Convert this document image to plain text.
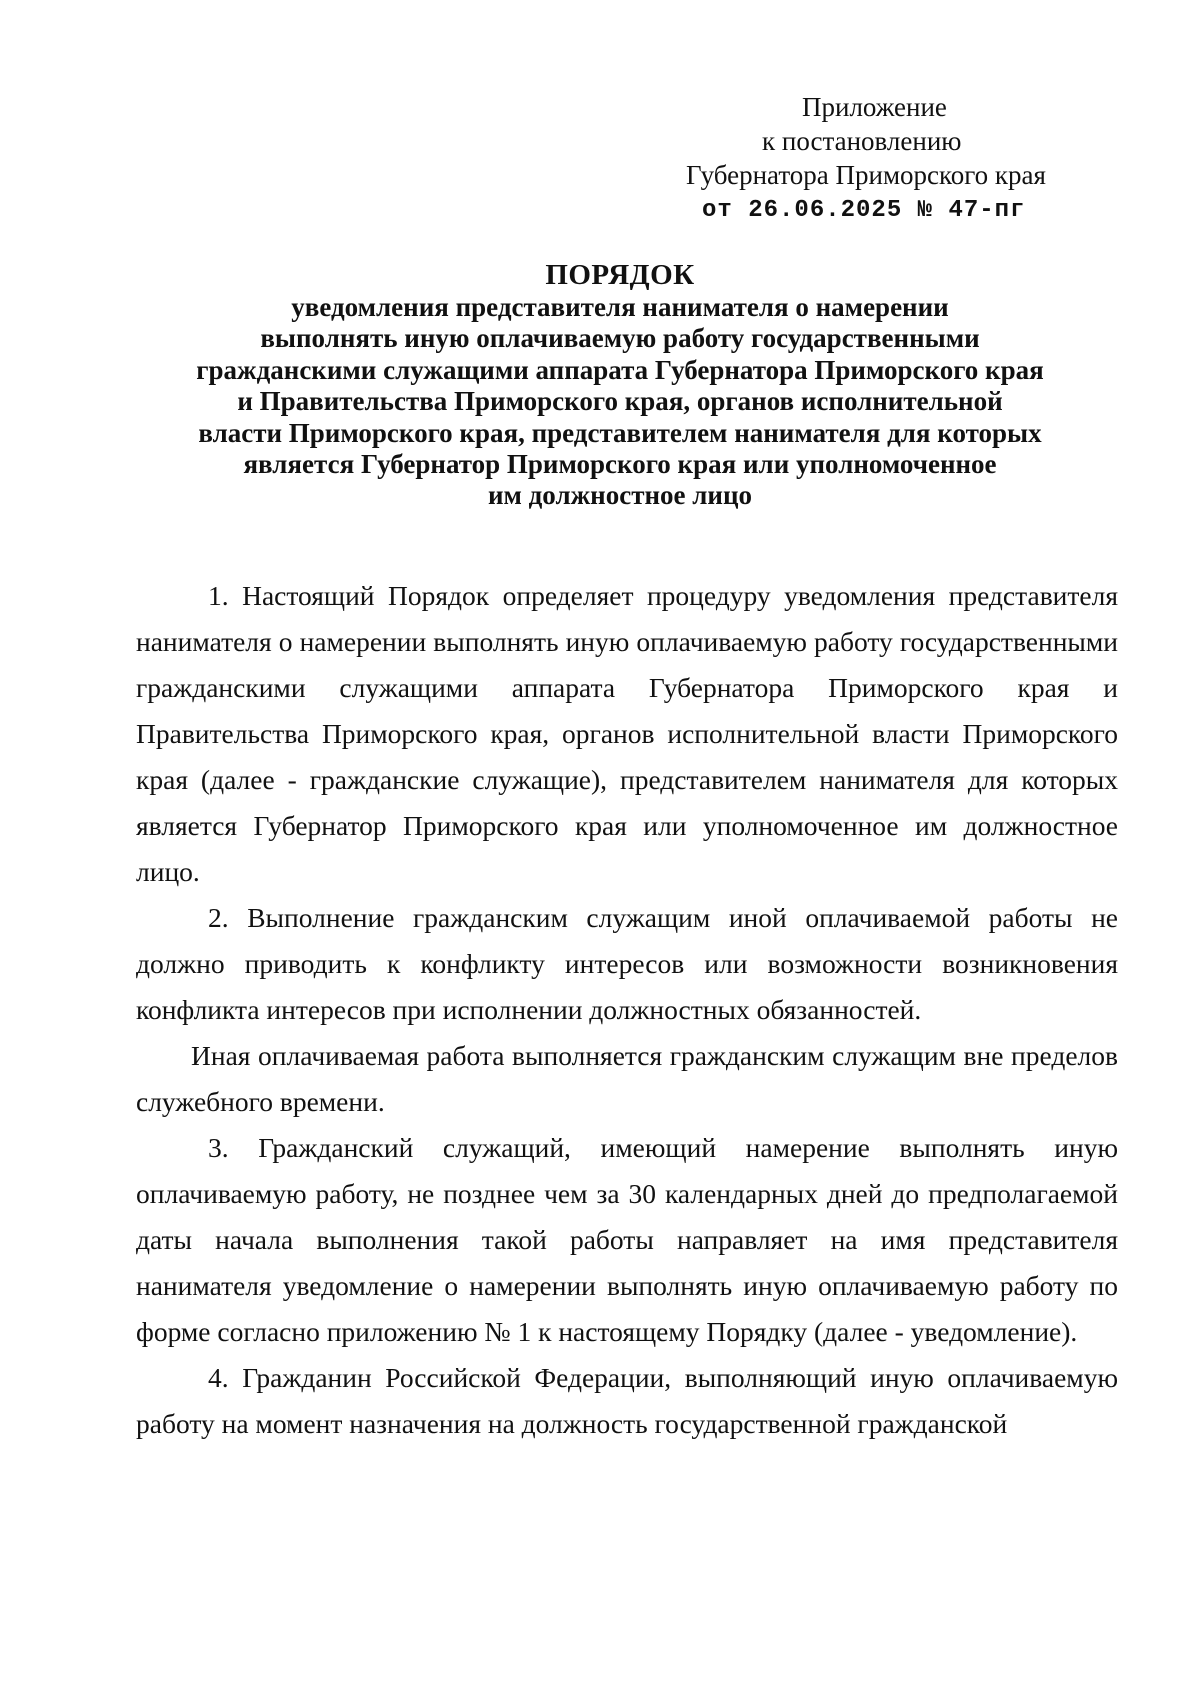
Приложение
к постановлению
Губернатора Приморского края
от 26.06.2025 № 47-пг
ПОРЯДОК
уведомления представителя нанимателя о намерении
выполнять иную оплачиваемую работу государственными
гражданскими служащими аппарата Губернатора Приморского края
и Правительства Приморского края, органов исполнительной
власти Приморского края, представителем нанимателя для которых
является Губернатор Приморского края или уполномоченное
им должностное лицо

1. Настоящий Порядок определяет процедуру уведомления представителя нанимателя о намерении выполнять иную оплачиваемую работу государственными гражданскими служащими аппарата Губернатора Приморского края и Правительства Приморского края, органов исполнительной власти Приморского края (далее - гражданские служащие), представителем нанимателя для которых является Губернатор Приморского края или уполномоченное им должностное лицо.

2. Выполнение гражданским служащим иной оплачиваемой работы не должно приводить к конфликту интересов или возможности возникновения конфликта интересов при исполнении должностных обязанностей.

Иная оплачиваемая работа выполняется гражданским служащим вне пределов служебного времени.

3. Гражданский служащий, имеющий намерение выполнять иную оплачиваемую работу, не позднее чем за 30 календарных дней до предполагаемой даты начала выполнения такой работы направляет на имя представителя нанимателя уведомление о намерении выполнять иную оплачиваемую работу по форме согласно приложению № 1 к настоящему Порядку (далее - уведомление).

4. Гражданин Российской Федерации, выполняющий иную оплачиваемую работу на момент назначения на должность государственной гражданской
